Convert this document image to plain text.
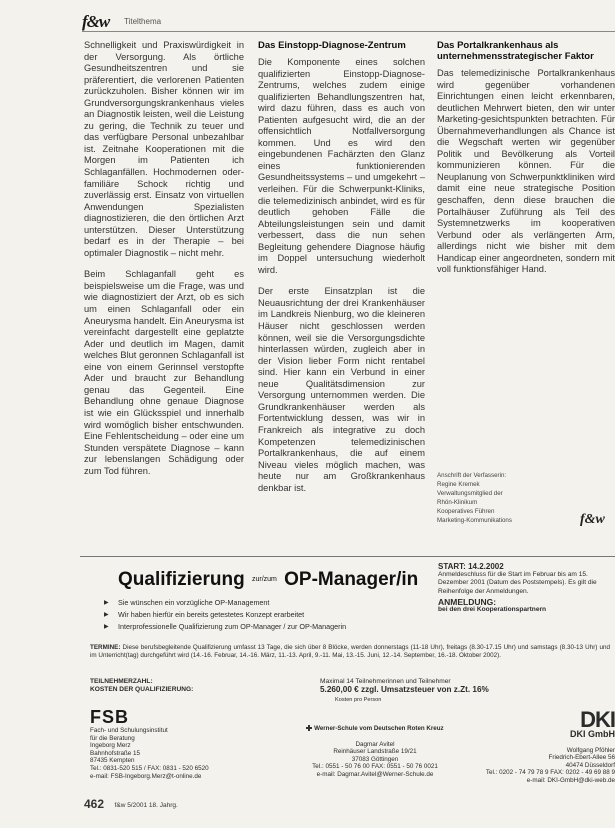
f&w Titelthema

Schnelligkeit und Praxiswürdigkeit in der Versorgung. Als örtliche Gesundheitszentren und sie präferentiert, die verlorenen Patienten zurückzuholen. Bisher können wir im Grundversorgungskrankenhaus vieles an Diagnostik leisten, weil die Leistung zu gering, die Technik zu teuer und das verfügbare Personal unbezahlbar ist. Zeitnahe Kooperationen mit die Morgen im Patienten ich Schlaganfällen. Hochmodernen oder-familiäre Schock richtig und zuverlässig erst. Einsatz von virtuellen Anwendungen Spezialisten diagnostizieren, die den örtlichen Arzt unterstützen. Dieser Unterstützung bedarf es in der Therapie – bei optimaler Diagnostik – nicht mehr.

Beim Schlaganfall geht es beispielsweise um die Frage, was und wie diagnostiziert der Arzt, ob es sich um einen Schlaganfall oder ein Aneurysma handelt. Ein Aneurysma ist vereinfacht dargestellt eine geplatzte Ader und deutlich im Magen, damit welches Blut geronnen Schlaganfall ist eine von einem Gerinnsel verstopfte Ader und braucht zur Behandlung genau das Gegenteil. Eine Behandlung ohne genaue Diagnose ist wie ein Glücksspiel und innerhalb wird womöglich bisher entschwunden. Eine Fehlentscheidung – oder eine um Stunden verspätete Diagnose – kann zur lebenslangen Schädigung oder zum Tod führen.

Das Einstopp-Diagnose-Zentrum

Die Komponente eines solchen qualifizierten Einstopp-Diagnose-Zentrums, welches zudem einige qualifizierten Behandlungszentren hat, wird dazu führen, dass es auch von Patienten aufgesucht wird, die an der offensichtlich Notfallversorgung kommen. Und es wird den eingebundenen Fachärzten den Glanz eines funktionierenden Gesundheitssystems – und umgekehrt – verleihen. Für die Schwerpunkt-Kliniks, die telemedizinisch anbindet, wird es für deutlich gehoben Fälle die Abteilungsleistungen sein und damit verbessert, dass die nun sehen Begleitung gehendere Diagnose häufig im Doppel untersuchung wiederholt wird.

Der erste Einsatzplan ist die Neuausrichtung der drei Krankenhäuser im Landkreis Nienburg, wo die kleineren Häuser nicht geschlossen werden können, weil sie die Versorgungsdichte hinterlassen würden, zugleich aber in der Vision lieber Form nicht rentabel sind. Hier kann ein Verbund in einer neue Qualitätsdimension zur Versorgung unternommen werden. Die Grundkrankenhäuser werden als Fortentwicklung dessen, was wir in Frankreich als integrative zu doch Kompetenzen telemedizinischen Portalkrankenhaus, die auf einem Niveau vieles möglich machen, was heute nur am Großkrankenhaus denkbar ist.

Das Portalkrankenhaus als unternehmensstrategischer Faktor

Das telemedizinische Portalkrankenhaus wird gegenüber vorhandenen Einrichtungen einen leicht erkennbaren, deutlichen Mehrwert bieten, den wir unter Marketing-gesichtspunkten betrachten. Für Übernahmeverhandlungen als Chance ist die Wegschaft werten wir gegenüber Politik und Bevölkerung als Vorteil kommunizieren können. Für die Neuplanung von Schwerpunktkliniken wird damit eine neue strategische Position geschaffen, denn diese brauchen die Portalhäuser Zuführung als Teil des Systemnetzwerks im kooperativen Verbund oder als verlängerten Arm, allerdings nicht wie bisher mit dem Handicap einer angeordneten, sondern mit voll funktionsfähiger Hand.

Anschrift der Verfasserin:
Regine Kremek
Verwaltungsmitglied der
Rhön-Klinikum
Kooperatives Führen
Marketing-Kommunikations	f&w
Qualifizierung zur/zum OP-Manager/in
▶ Sie wünschen ein vorzügliche OP-Management
▶ Wir haben hierfür ein bereits getestetes Konzept erarbeitet
▶ Interprofessionelle Qualifizierung zum OP-Manager / zur OP-Managerin
START: 14.2.2002
Anmeldeschluss für die Start im Februar bis am 15. Dezember 2001 (Datum des Poststempels). Es gilt die Reihenfolge der Anmeldungen.
ANMELDUNG:
bei den drei Kooperationspartnern
TERMINE: Diese berufsbegleitende Qualifizierung umfasst 13 Tage, die sich über 8 Blöcke, werden donnerstags (11-18 Uhr), freitags (8.30-17.15 Uhr) und samstags (8.30-13 Uhr) und im Unterricht(tag) durchgeführt wird (14.-16. Februar, 14.-16. März, 11.-13. April, 9.-11. Mai, 13.-15. Juni, 12.-14. September, 16.-18. Oktober 2002).
TEILNEHMERZAHL:	Maximal 14 Teilnehmerinnen und Teilnehmer
KOSTEN DER QUALIFIZIERUNG:	5.260,00 € zzgl. Umsatzsteuer von z.Zt. 16%
Kosten pro Person
FSB
Fach- und Schulungsinstitut
für die Beratung
Ingeborg Merz
Bahnhofstraße 15
87435 Kempten
Tel.: 0831-520 515 / FAX: 0831 - 520 6520
e-mail: FSB-Ingeborg.Merz@t-online.de
Werner-Schule vom Deutschen Roten Kreuz
Dagmar Avitel
Reinhäuser Landstraße 19/21
37083 Göttingen
Tel.: 0551 - 50 76 00 FAX: 0551 - 50 76 0021
e-mail: Dagmar.Avitel@Werner-Schule.de
DKI
DKI GmbH
Wolfgang Pföhler
Friedrich-Ebert-Allee 56
40474 Düsseldorf
Tel.: 0202 - 74 79 78 9 FAX: 0202 - 49 69 88 9
e-mail: DKI-GmbH@dki-web.de
462 f&w 5/2001 18. Jahrg.
